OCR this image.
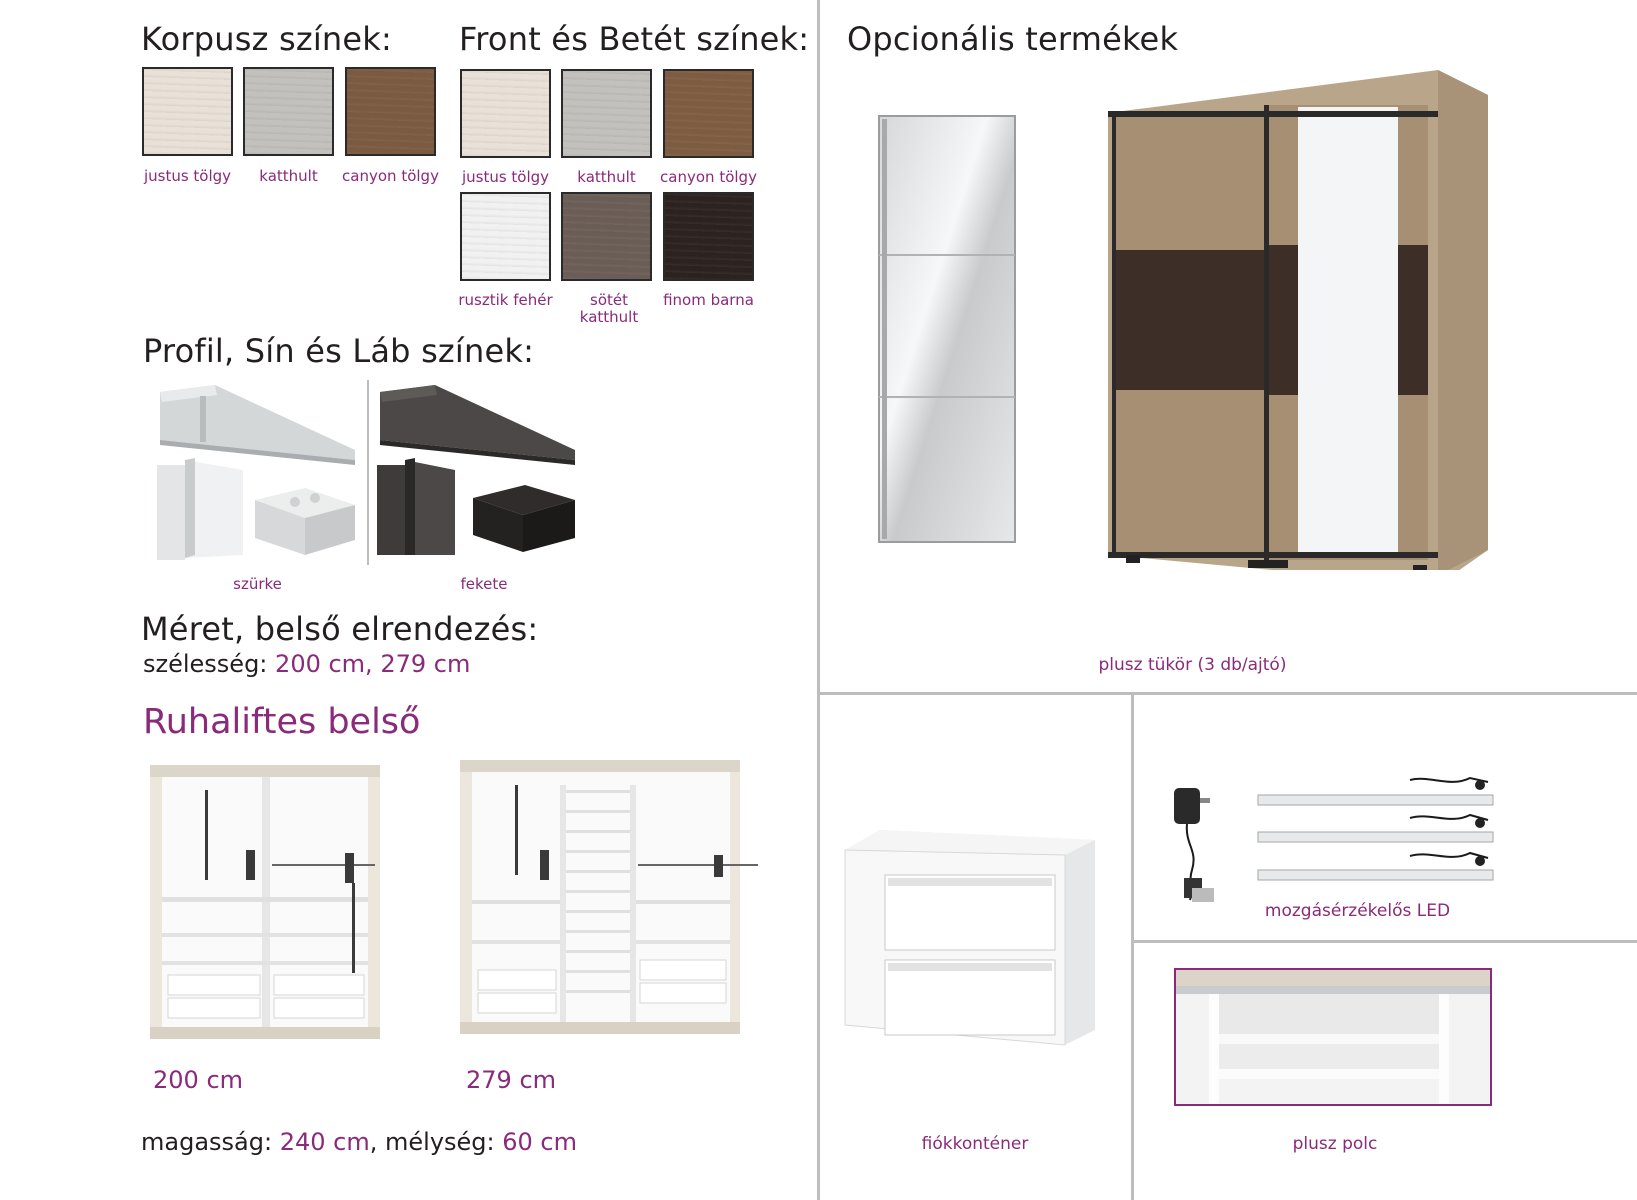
Korpusz színek: Front és Betét színek:
Profil, Sín és Láb színek:
szürke	fekete
Méret, belső elrendezés:
szélesség: 200 cm, 279 cm
Ruhaliftes belső
200 cm	279 cm
magasság: 240 cm, mélység: 60 cm
Opcionális termékek
plusz tükör (3 db/ajtó)
fiókkonténer
mozgásérzékelős LED
plusz polc
justus tölgy	katthult	canyon tölgy	justus tölgy	katthult	canyon tölgy
rusztik fehér	sötét katthult
finom barna
